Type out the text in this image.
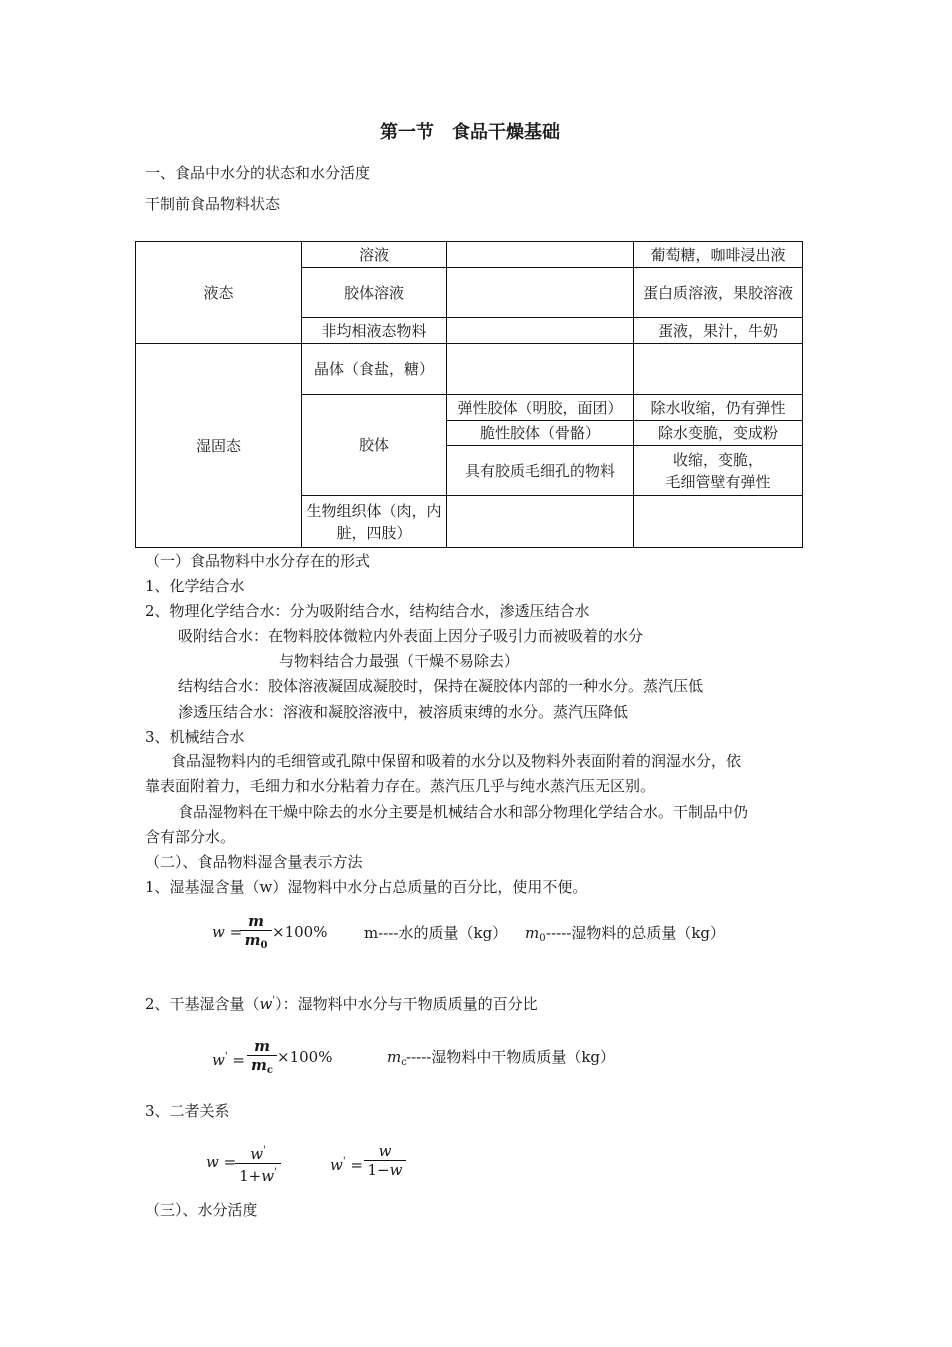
第一节　食品干燥基础
一、食品中水分的状态和水分活度
干制前食品物料状态
液态	溶液		葡萄糖，咖啡浸出液
	胶体溶液		蛋白质溶液，果胶溶液
	非均相液态物料		蛋液，果汁，牛奶
湿固态	晶体（食盐，糖）		
	胶体	弹性胶体（明胶，面团）	除水收缩，仍有弹性
		脆性胶体（骨骼）	除水变脆，变成粉
		具有胶质毛细孔的物料	收缩，变脆，
毛细管壁有弹性
	生物组织体（肉，内脏，四肢）		
（一）食品物料中水分存在的形式
1、化学结合水
2、物理化学结合水：分为吸附结合水，结构结合水，渗透压结合水
吸附结合水：在物料胶体微粒内外表面上因分子吸引力而被吸着的水分
与物料结合力最强（干燥不易除去）
结构结合水：胶体溶液凝固成凝胶时，保持在凝胶体内部的一种水分。蒸汽压低
渗透压结合水：溶液和凝胶溶液中，被溶质束缚的水分。蒸汽压降低
3、机械结合水
食品湿物料内的毛细管或孔隙中保留和吸着的水分以及物料外表面附着的润湿水分，依
靠表面附着力，毛细力和水分粘着力存在。蒸汽压几乎与纯水蒸汽压无区别。
食品湿物料在干燥中除去的水分主要是机械结合水和部分物理化学结合水。干制品中仍
含有部分水。
（二）、食品物料湿含量表示方法
1、湿基湿含量（w）湿物料中水分占总质量的百分比，使用不便。
w =
$\frac{m}{m_0} \times 100\%$ m----水的质量（kg） $m_0$ -----湿物料的总质量（kg）
2、干基湿含量（w'）：湿物料中水分与干物质质量的百分比
$w' = \frac{m}{m_c} \times 100\%$	$m_c$ -----湿物料中干物质质量（kg）
3、二者关系
w =
$\frac{w'}{1+w'}$	$w' = \frac{w}{1-w}$
（三）、水分活度
